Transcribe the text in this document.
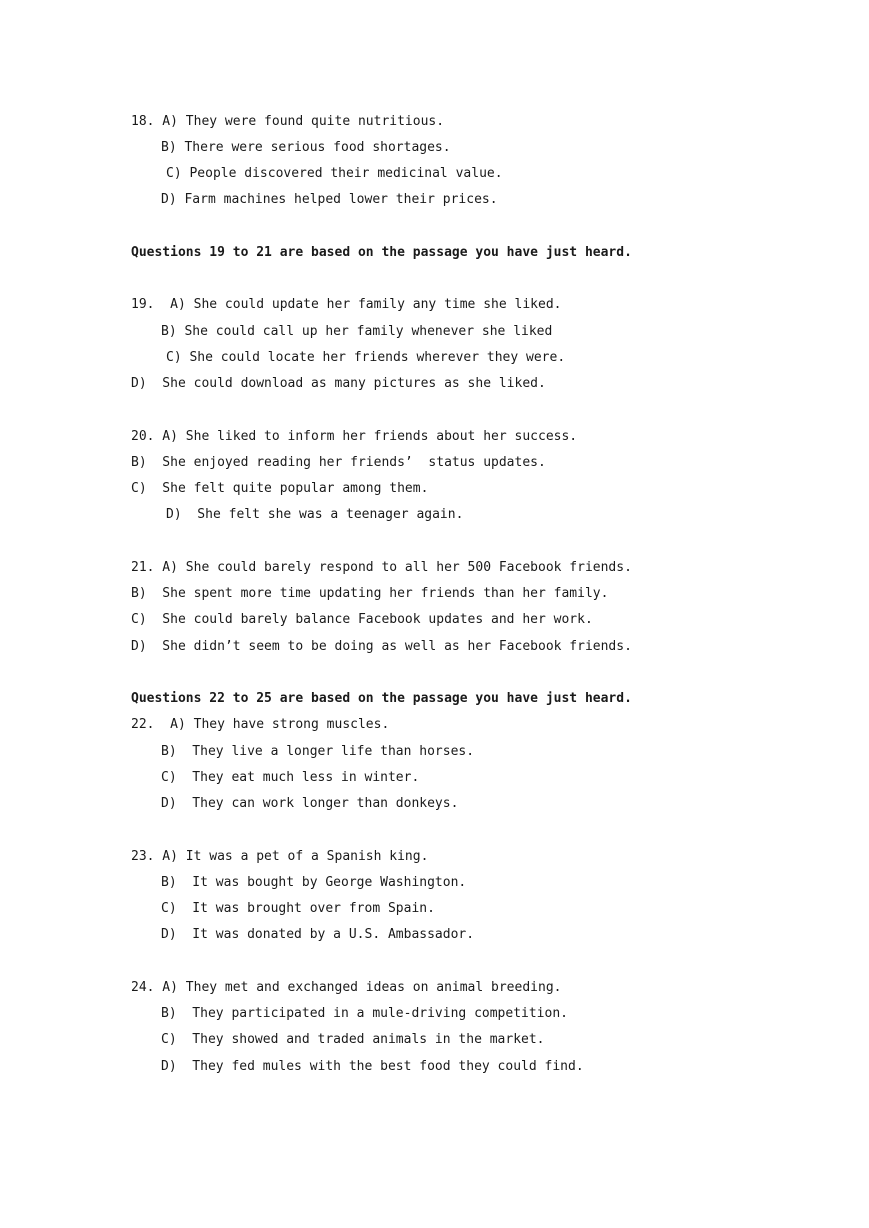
18. A) They were found quite nutritious.
B) There were serious food shortages.
C) People discovered their medicinal value.
D) Farm machines helped lower their prices.
Questions 19 to 21 are based on the passage you have just heard.
19.  A) She could update her family any time she liked.
B) She could call up her family whenever she liked
C) She could locate her friends wherever they were.
D)  She could download as many pictures as she liked.
20. A) She liked to inform her friends about her success.
B)  She enjoyed reading her friends’  status updates.
C)  She felt quite popular among them.
D)  She felt she was a teenager again.
21. A) She could barely respond to all her 500 Facebook friends.
B)  She spent more time updating her friends than her family.
C)  She could barely balance Facebook updates and her work.
D)  She didn’t seem to be doing as well as her Facebook friends.
Questions 22 to 25 are based on the passage you have just heard.
22.  A) They have strong muscles.
B)  They live a longer life than horses.
C)  They eat much less in winter.
D)  They can work longer than donkeys.
23. A) It was a pet of a Spanish king.
B)  It was bought by George Washington.
C)  It was brought over from Spain.
D)  It was donated by a U.S. Ambassador.
24. A) They met and exchanged ideas on animal breeding.
B)  They participated in a mule-driving competition.
C)  They showed and traded animals in the market.
D)  They fed mules with the best food they could find.
